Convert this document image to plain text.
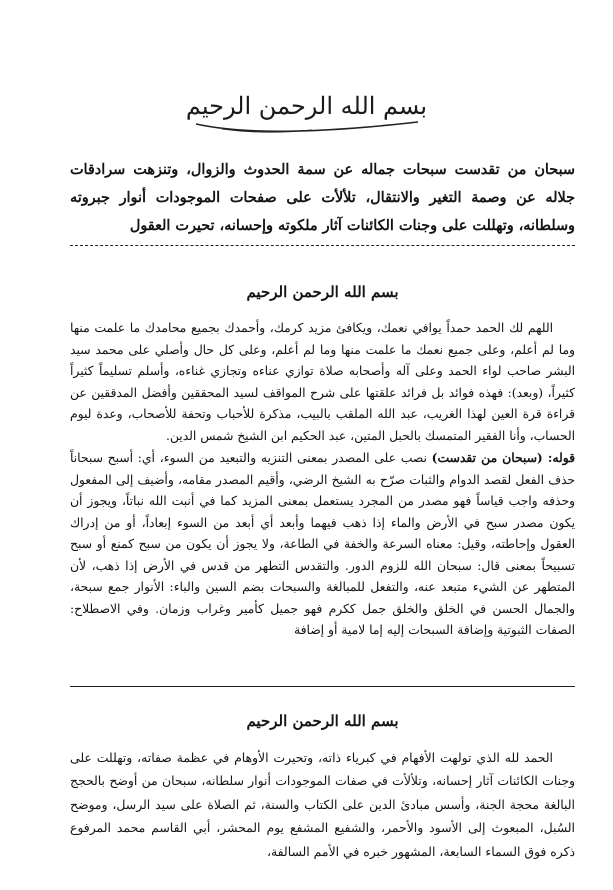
بسم الله الرحمن الرحيم
سبحان من تقدست سبحات جماله عن سمة الحدوث والزوال، وتنزهت سرادقات جلاله عن وصمة التغير والانتقال، تلألأت على صفحات الموجودات أنوار جبروته وسلطانه، وتهللت على وجنات الكائنات آثار ملكوته وإحسانه، تحيرت العقول
بسم الله الرحمن الرحيم

اللهم لك الحمد حمداً يوافي نعمك، ويكافئ مزيد كرمك، وأحمدك بجميع محامدك ما علمت منها وما لم أعلم، وعلى جميع نعمك ما علمت منها وما لم أعلم، وعلى كل حال وأصلي على محمد سيد البشر صاحب لواء الحمد وعلى آله وأصحابه صلاة توازي عناءه وتجازي غناءه، وأسلم تسليماً كثيراً كثيراً، (وبعد): فهذه فوائد بل فرائد علقتها على شرح المواقف لسيد المحققين وأفضل المدققين عن قراءة قرة العين لهذا الغريب، عبد الله الملقب بالبيب، مذكرة للأحباب وتحفة للأصحاب، وعدة ليوم الحساب، وأنا الفقير المتمسك بالحبل المتين، عبد الحكيم ابن الشيخ شمس الدين.

قوله: (سبحان من تقدست) نصب على المصدر بمعنى التنزيه والتبعيد من السوء، أي: أسبح سبحاناً حذف الفعل لقصد الدوام والثبات صرّح به الشيخ الرضي، وأقيم المصدر مقامه، وأضيف إلى المفعول وحذفه واجب قياساً فهو مصدر من المجرد يستعمل بمعنى المزيد كما في أنبت الله نباتاً، ويجوز أن يكون مصدر سبح في الأرض والماء إذا ذهب فيهما وأبعد أي أبعد من السوء إبعاداً، أو من إدراك العقول وإحاطته، وقيل: معناه السرعة والخفة في الطاعة، ولا يجوز أن يكون من سبح كمنع أو سبح تسبيحاً بمعنى قال: سبحان الله للزوم الدور. والتقدس التطهر من قدس في الأرض إذا ذهب، لأن المتطهر عن الشيء متبعد عنه، والتفعل للمبالغة والسبحات بضم السين والباء: الأنوار جمع سبحة، والجمال الحسن في الخلق والخلق جمل ككرم فهو جميل كأمير وغراب وزمان. وفي الاصطلاح: الصفات الثبوتية وإضافة السبحات إليه إما لامية أو إضافة

بسم الله الرحمن الرحيم

الحمد لله الذي تولهت الأفهام في كبرياء ذاته، وتحيرت الأوهام في عظمة صفاته، وتهللت على وجنات الكائنات آثار إحسانه، وتلألأت في صفات الموجودات أنوار سلطانه، سبحان من أوضح بالحجج البالغة محجة الجنة، وأسس مبادئ الدين على الكتاب والسنة، ثم الصلاة على سيد الرسل، وموضح السُبل، المبعوث إلى الأسود والأحمر، والشفيع المشفع يوم المحشر، أبي القاسم محمد المرفوع ذكره فوق السماء السابعة، المشهور خبره في الأمم السالفة،
